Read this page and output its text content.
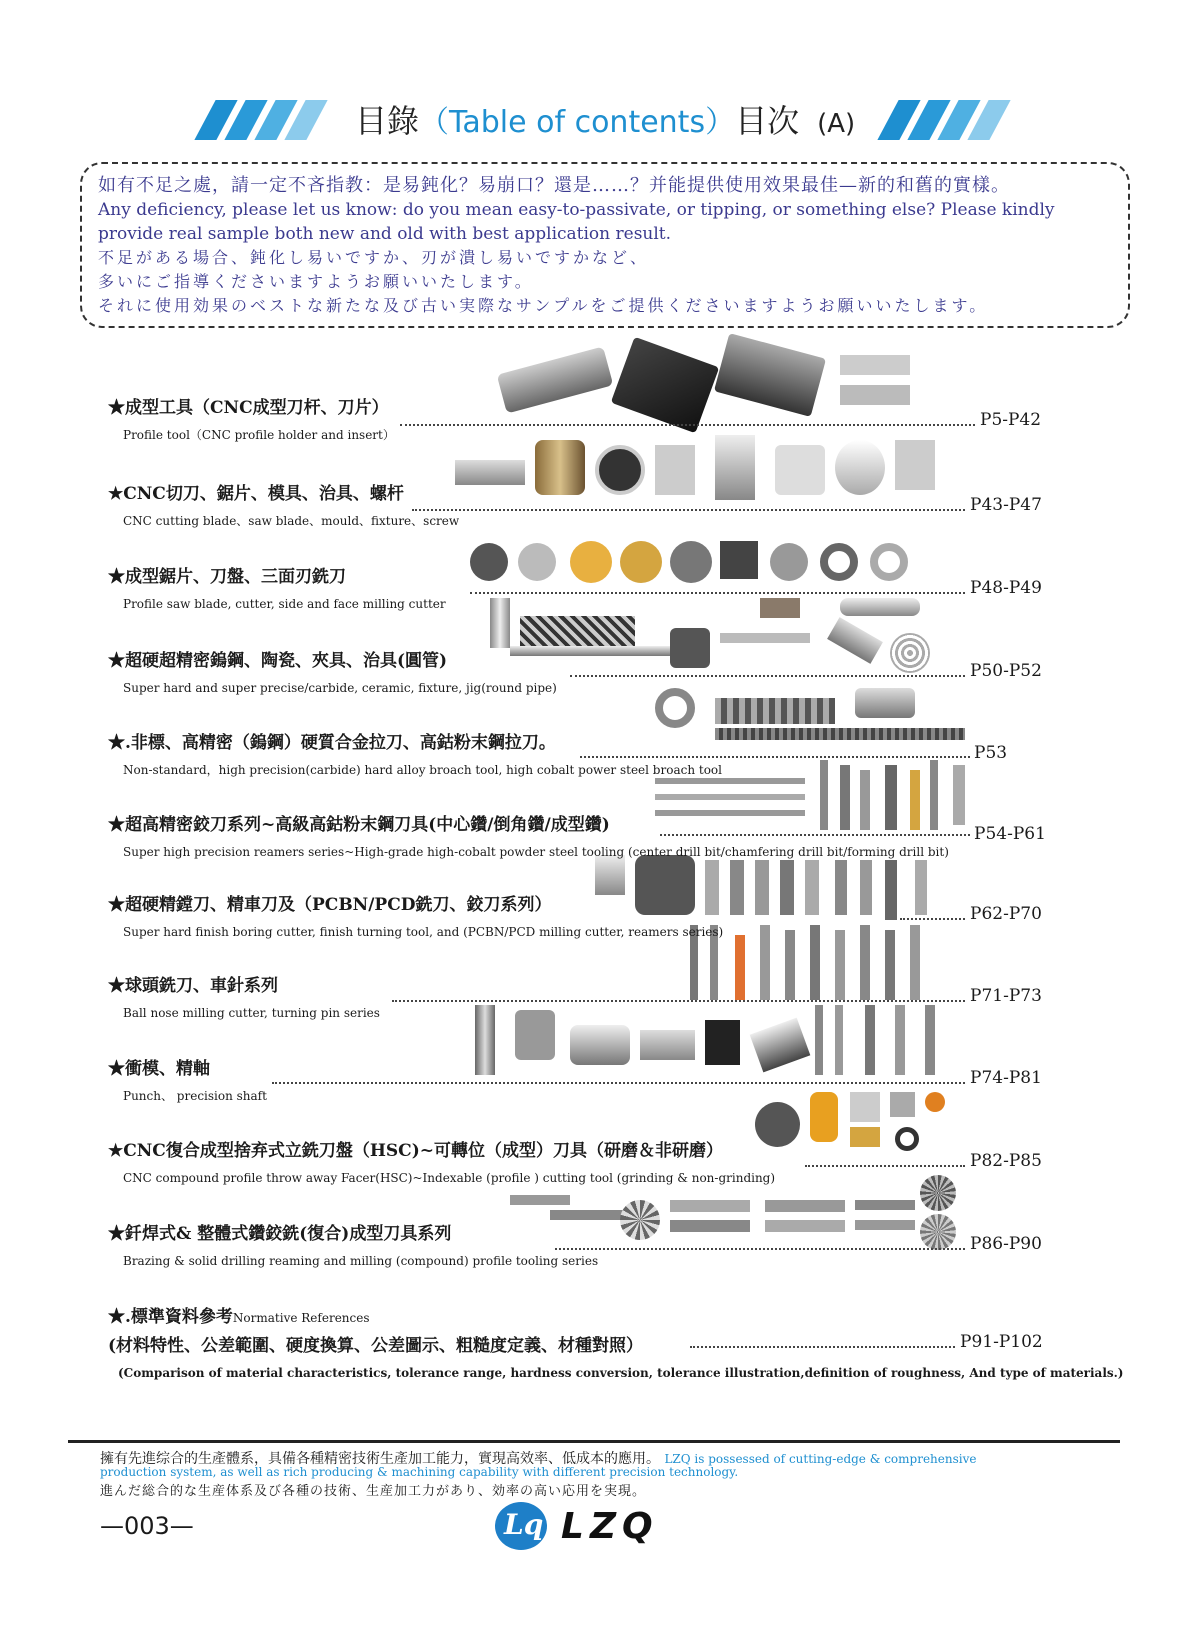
目錄（Table of contents）目次 (A)

如有不足之處，請一定不吝指教：是易鈍化？易崩口？還是……？并能提供使用效果最佳—新的和舊的實樣。

Any deficiency, please let us know: do you mean easy-to-passivate, or tipping, or something else? Please kindly

provide real sample both new and old with best application result.

不足がある場合、鈍化し易いですか、刃が潰し易いですかなど、

多いにご指導くださいますようお願いいたします。

それに使用効果のベストな新たな及び古い実際なサンプルをご提供くださいますようお願いいたします。

★成型工具（CNC成型刀杆、刀片）
Profile tool（CNC profile holder and insert）
P5-P42
★CNC切刀、鋸片、模具、治具、螺杆
CNC cutting blade、saw blade、mould、fixture、screw
P43-P47
★成型鋸片、刀盤、三面刃銑刀
Profile saw blade, cutter, side and face milling cutter
P48-P49
★超硬超精密鎢鋼、陶瓷、夾具、治具(圓管)
Super hard and super precise/carbide, ceramic, fixture, jig(round pipe)
P50-P52
★.非標、高精密（鎢鋼）硬質合金拉刀、高鈷粉末鋼拉刀。
Non-standard，high precision(carbide) hard alloy broach tool, high cobalt power steel broach tool
P53
★超高精密鉸刀系列~高級高鈷粉末鋼刀具(中心鑽/倒角鑽/成型鑽)
Super high precision reamers series~High-grade high-cobalt powder steel tooling (center drill bit/chamfering drill bit/forming drill bit)
P54-P61
★超硬精鏜刀、精車刀及（PCBN/PCD銑刀、鉸刀系列）
Super hard finish boring cutter, finish turning tool, and (PCBN/PCD milling cutter, reamers series)
P62-P70
★球頭銑刀、車針系列
Ball nose milling cutter, turning pin series
P71-P73
★衝模、精軸
Punch、 precision shaft
P74-P81
★CNC復合成型捨弃式立銑刀盤（HSC)~可轉位（成型）刀具（研磨＆非研磨）
CNC compound profile throw away Facer(HSC)~Indexable (profile ) cutting tool (grinding & non-grinding)
P82-P85
★釺焊式& 整體式鑽鉸銑(復合)成型刀具系列
Brazing & solid drilling reaming and milling (compound) profile tooling series
P86-P90
★.標準資料參考Normative References
(材料特性、公差範圍、硬度換算、公差圖示、粗糙度定義、材種對照）
(Comparison of material characteristics, tolerance range, hardness conversion, tolerance illustration,definition of roughness, And type of materials.)
P91-P102
擁有先進综合的生產體系，具備各種精密技術生產加工能力，實現高效率、低成本的應用。 LZQ is possessed of cutting-edge & comprehensive
production system, as well as rich producing & machining capability with different precision technology.
進んだ総合的な生産体系及び各種の技術、生産加工力があり、効率の高い応用を実現。
—003—	Lq LZQ
